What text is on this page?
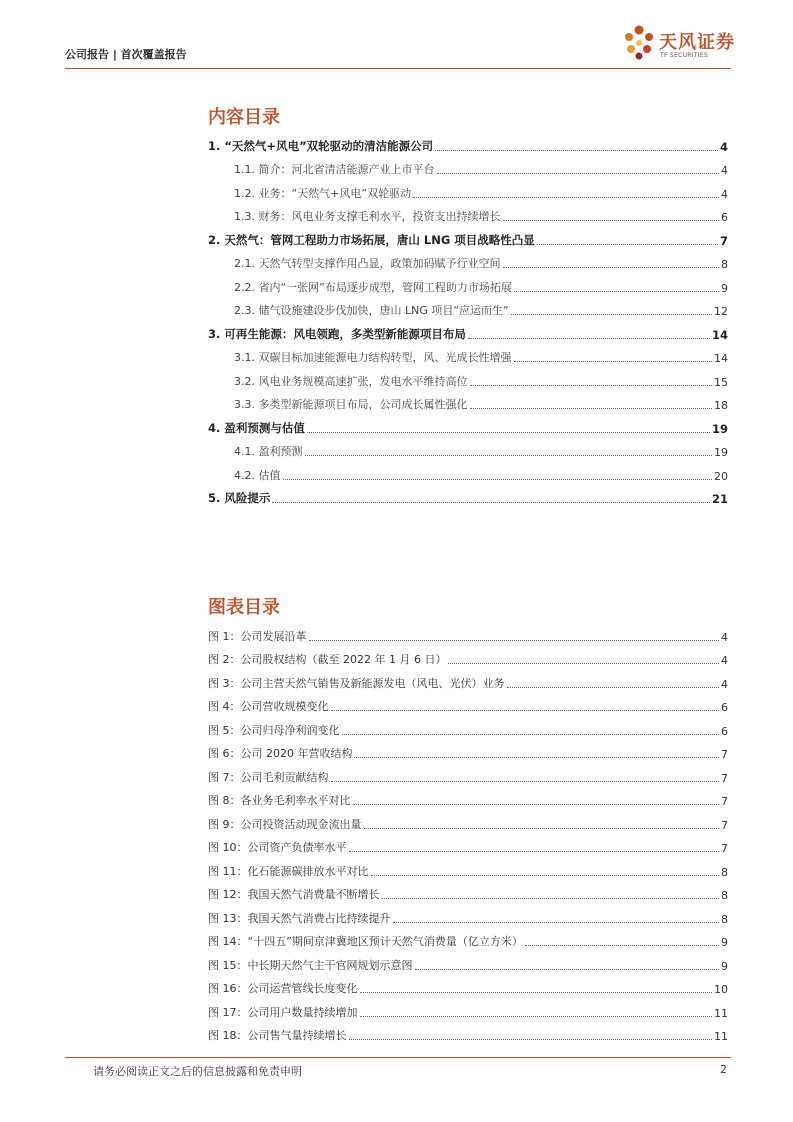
公司报告 | 首次覆盖报告
天风证券
TF SECURITIES
内容目录
1. “天然气+风电”双轮驱动的清洁能源公司	4
1.1. 简介：河北省清洁能源产业上市平台	4
1.2. 业务：“天然气+风电”双轮驱动	4
1.3. 财务：风电业务支撑毛利水平，投资支出持续增长	6
2. 天然气：管网工程助力市场拓展，唐山 LNG 项目战略性凸显	7
2.1. 天然气转型支撑作用凸显，政策加码赋予行业空间	8
2.2. 省内“一张网”布局逐步成型，管网工程助力市场拓展	9
2.3. 储气设施建设步伐加快，唐山 LNG 项目“应运而生”	12
3. 可再生能源：风电领跑，多类型新能源项目布局	14
3.1. 双碳目标加速能源电力结构转型，风、光成长性增强	14
3.2. 风电业务规模高速扩张，发电水平维持高位	15
3.3. 多类型新能源项目布局，公司成长属性强化	18
4. 盈利预测与估值	19
4.1. 盈利预测	19
4.2. 估值	20
5. 风险提示	21
图表目录
图 1：公司发展沿革	4
图 2：公司股权结构（截至 2022 年 1 月 6 日）	4
图 3：公司主营天然气销售及新能源发电（风电、光伏）业务	4
图 4：公司营收规模变化	6
图 5：公司归母净利润变化	6
图 6：公司 2020 年营收结构	7
图 7：公司毛利贡献结构	7
图 8：各业务毛利率水平对比	7
图 9：公司投资活动现金流出量	7
图 10：公司资产负债率水平	7
图 11：化石能源碳排放水平对比	8
图 12：我国天然气消费量不断增长	8
图 13：我国天然气消费占比持续提升	8
图 14：“十四五”期间京津冀地区预计天然气消费量（亿立方米）	9
图 15：中长期天然气主干官网规划示意图	9
图 16：公司运营管线长度变化	10
图 17：公司用户数量持续增加	11
图 18：公司售气量持续增长	11
请务必阅读正文之后的信息披露和免责申明	2
